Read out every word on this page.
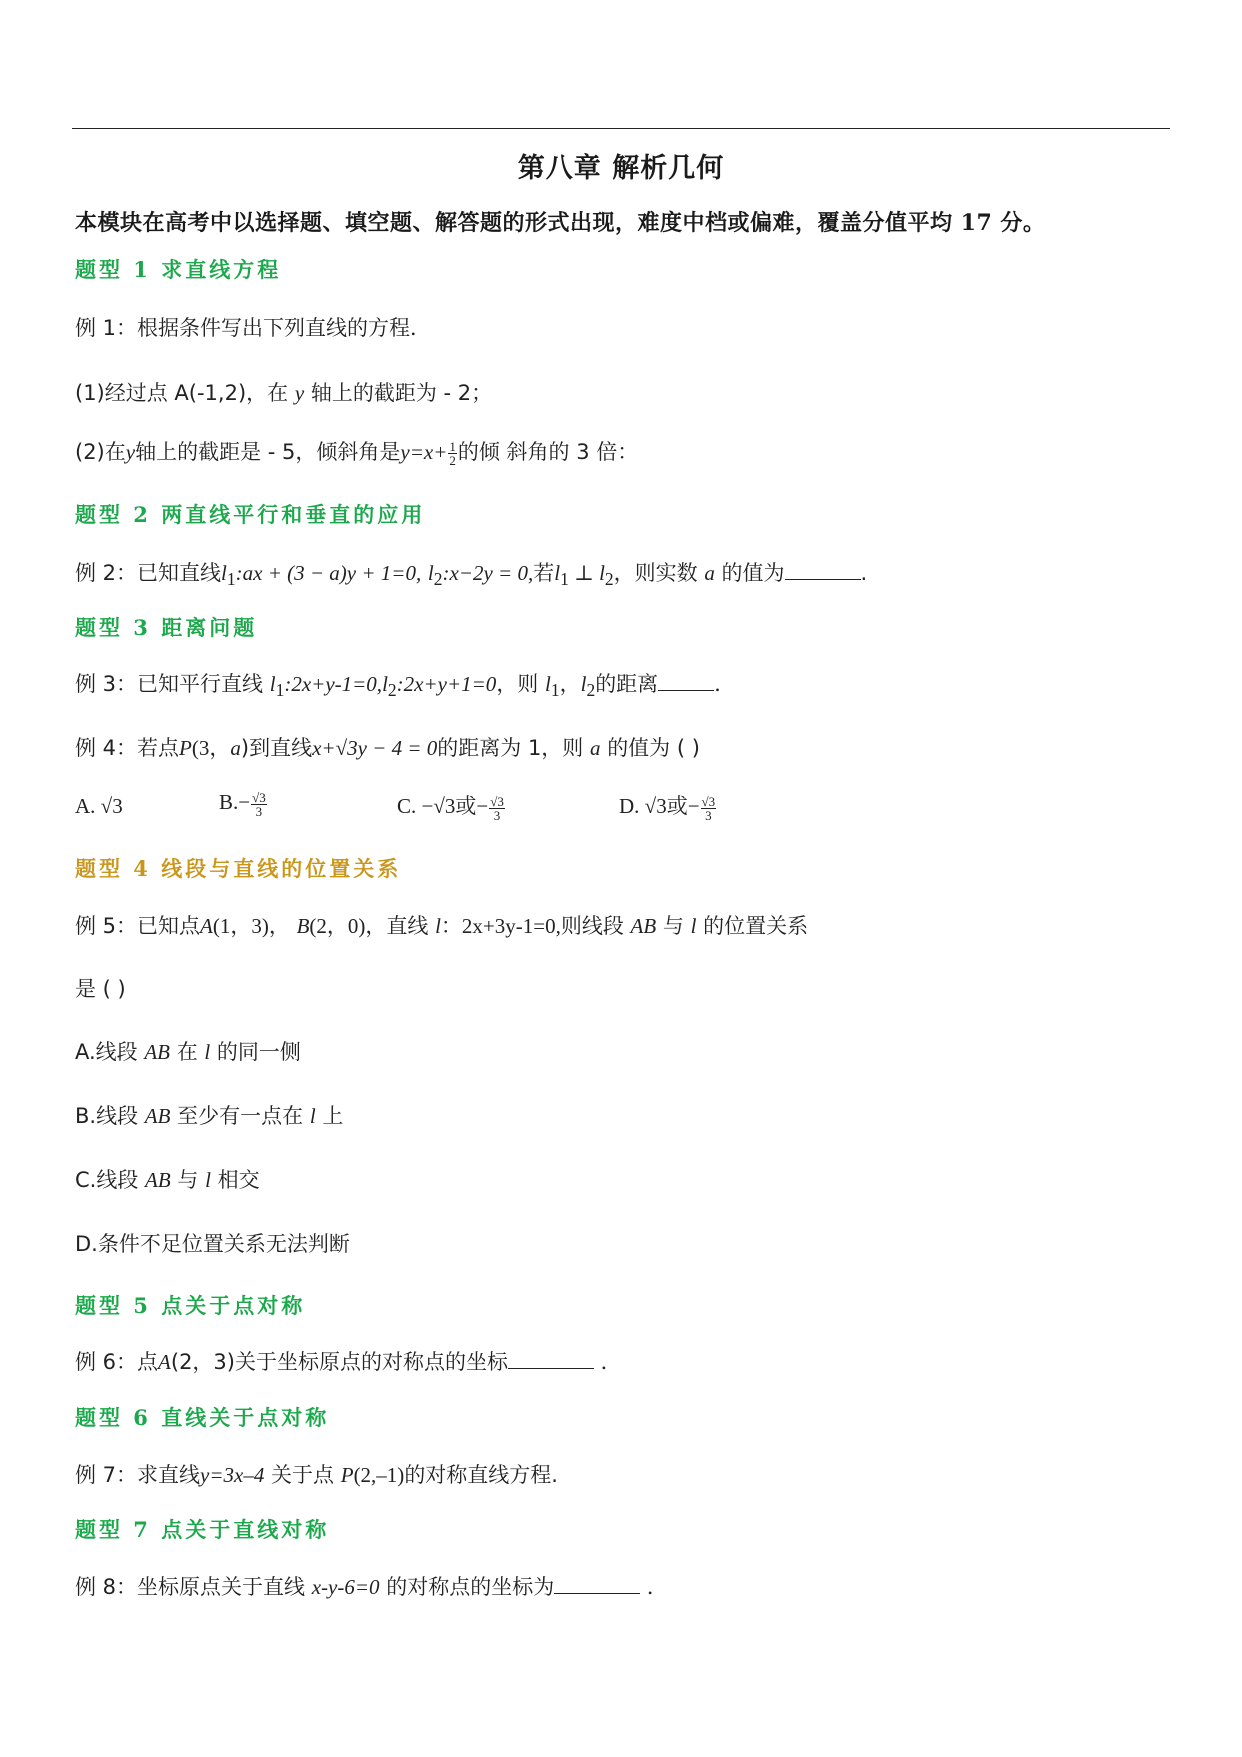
第八章 解析几何
本模块在高考中以选择题、填空题、解答题的形式出现，难度中档或偏难，覆盖分值平均 17 分。
题型 1 求直线方程
例 1：根据条件写出下列直线的方程．
(1)经过点 A(-1,2)，在 y 轴上的截距为 - 2；
(2)在y轴上的截距是 - 5，倾斜角是$y=x+ \frac{1}{2}$ 的倾 斜角的 3 倍：
题型 2 两直线平行和垂直的应用
例 2：已知直线$l_1:ax + (3 - a)y + 1=0$, $l_2:x-2y = 0$,若$l_1$ ⊥ $l_2$，则实数 a 的值为	.
题型 3 距离问题
例 3：已知平行直线 $l_1:2x+y-1=0,l_2:2x+y+1=0$，则 $l_1$，$l_2$的距离	．
例 4：若点P(3，a)到直线x+√3y − 4 = 0的距离为 1，则 a 的值为 ( )
A. √3	$B.- \frac{√3}{3}$	C. −√3或− $\frac{√3}{3}$	D. √3或− $\frac{√3}{3}$
题型 4 线段与直线的位置关系
例 5：已知点A(1，3)， B(2，0)，直线 l：2x+3y-1=0,则线段 AB 与 l 的位置关系
是 ( )
A.线段 AB 在 l 的同一侧
B.线段 AB 至少有一点在 l 上
C.线段 AB 与 l 相交
D.条件不足位置关系无法判断
题型 5 点关于点对称
例 6：点A(2，3)关于坐标原点的对称点的坐标	．
题型 6 直线关于点对称
例 7：求直线y=3x–4 关于点 P(2,–1)的对称直线方程.
题型 7 点关于直线对称
例 8：坐标原点关于直线 x-y-6=0 的对称点的坐标为	．
